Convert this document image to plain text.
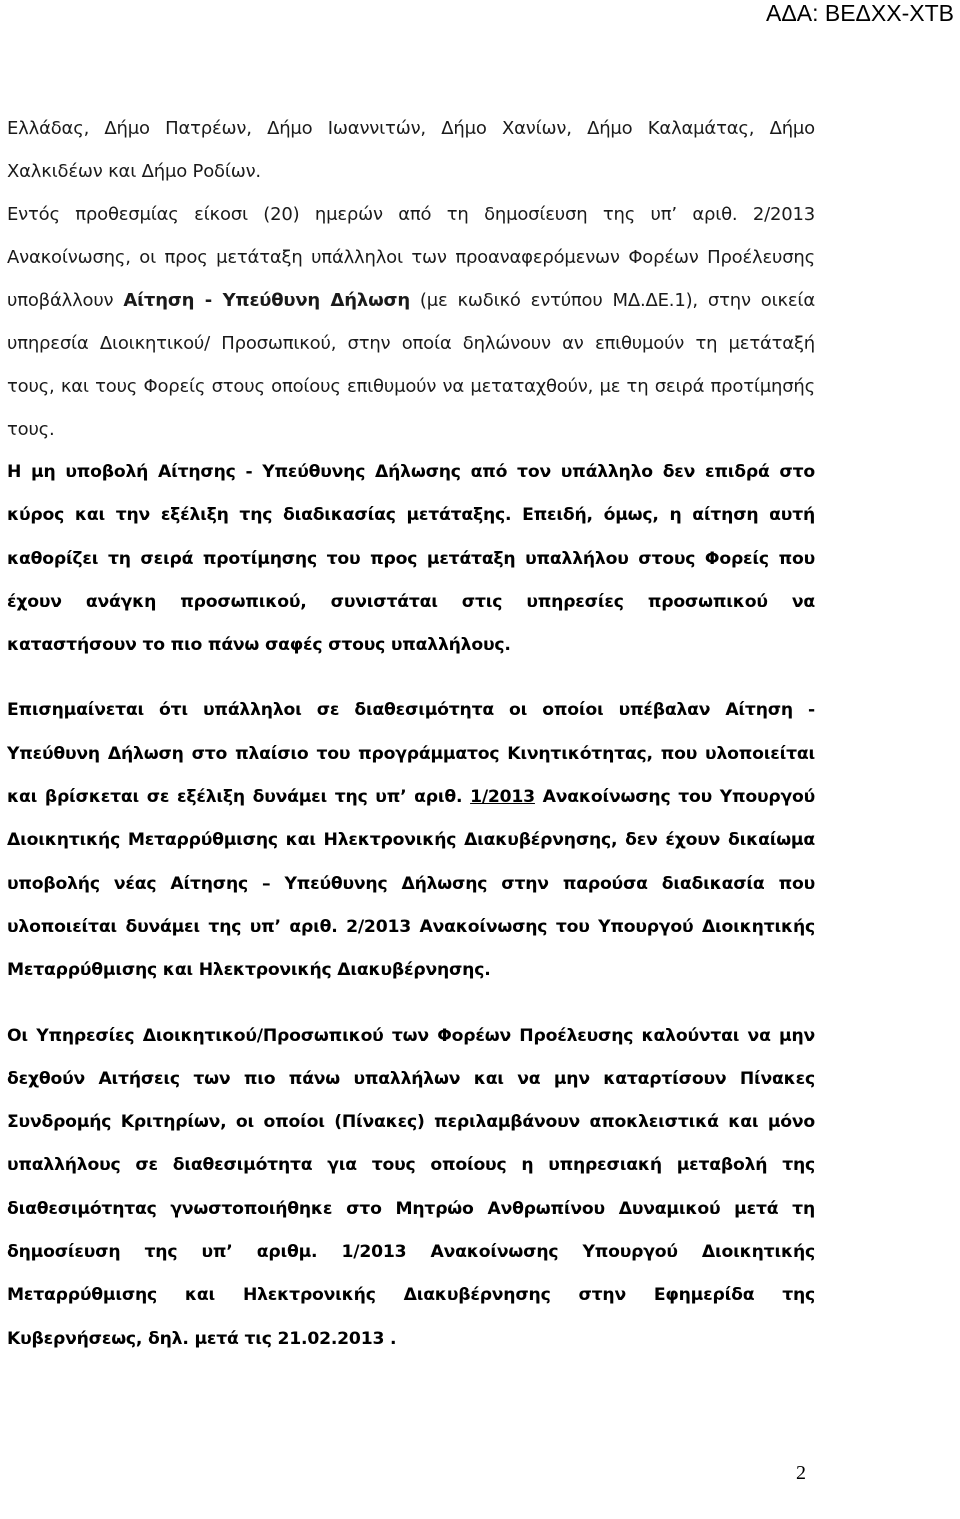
ΑΔΑ: ΒΕΔΧΧ-ΧΤΒ

Ελλάδας, Δήμο Πατρέων, Δήμο Ιωαννιτών, Δήμο Χανίων, Δήμο Καλαμάτας, Δήμο Χαλκιδέων και Δήμο Ροδίων.

Εντός προθεσμίας είκοσι (20) ημερών από τη δημοσίευση της υπ’ αριθ. 2/2013 Ανακοίνωσης, οι προς μετάταξη υπάλληλοι των προαναφερόμενων Φορέων Προέλευσης υποβάλλουν Αίτηση - Υπεύθυνη Δήλωση (με κωδικό εντύπου ΜΔ.ΔΕ.1), στην οικεία υπηρεσία Διοικητικού/ Προσωπικού, στην οποία δηλώνουν αν επιθυμούν τη μετάταξή τους, και τους Φορείς στους οποίους επιθυμούν να μεταταχθούν, με τη σειρά προτίμησής τους.

Η μη υποβολή Αίτησης - Υπεύθυνης Δήλωσης από τον υπάλληλο δεν επιδρά στο κύρος και την εξέλιξη της διαδικασίας μετάταξης. Επειδή, όμως, η αίτηση αυτή καθορίζει τη σειρά προτίμησης του προς μετάταξη υπαλλήλου στους Φορείς που έχουν ανάγκη προσωπικού, συνιστάται στις υπηρεσίες προσωπικού να καταστήσουν το πιο πάνω σαφές στους υπαλλήλους.

Επισημαίνεται ότι υπάλληλοι σε διαθεσιμότητα οι οποίοι υπέβαλαν Αίτηση - Υπεύθυνη Δήλωση στο πλαίσιο του προγράμματος Κινητικότητας, που υλοποιείται και βρίσκεται σε εξέλιξη δυνάμει της υπ’ αριθ. 1/2013 Ανακοίνωσης του Υπουργού Διοικητικής Μεταρρύθμισης και Ηλεκτρονικής Διακυβέρνησης, δεν έχουν δικαίωμα υποβολής νέας Αίτησης – Υπεύθυνης Δήλωσης στην παρούσα διαδικασία που υλοποιείται δυνάμει της υπ’ αριθ. 2/2013 Ανακοίνωσης του Υπουργού Διοικητικής Μεταρρύθμισης και Ηλεκτρονικής Διακυβέρνησης.

Οι Υπηρεσίες Διοικητικού/Προσωπικού των Φορέων Προέλευσης καλούνται να μην δεχθούν Αιτήσεις των πιο πάνω υπαλλήλων και να μην καταρτίσουν Πίνακες Συνδρομής Κριτηρίων, οι οποίοι (Πίνακες) περιλαμβάνουν αποκλειστικά και μόνο υπαλλήλους σε διαθεσιμότητα για τους οποίους η υπηρεσιακή μεταβολή της διαθεσιμότητας γνωστοποιήθηκε στο Μητρώο Ανθρωπίνου Δυναμικού μετά τη δημοσίευση της υπ’ αριθμ. 1/2013 Ανακοίνωσης Υπουργού Διοικητικής Μεταρρύθμισης και Ηλεκτρονικής Διακυβέρνησης στην Εφημερίδα της Κυβερνήσεως, δηλ. μετά τις 21.02.2013 .

2
